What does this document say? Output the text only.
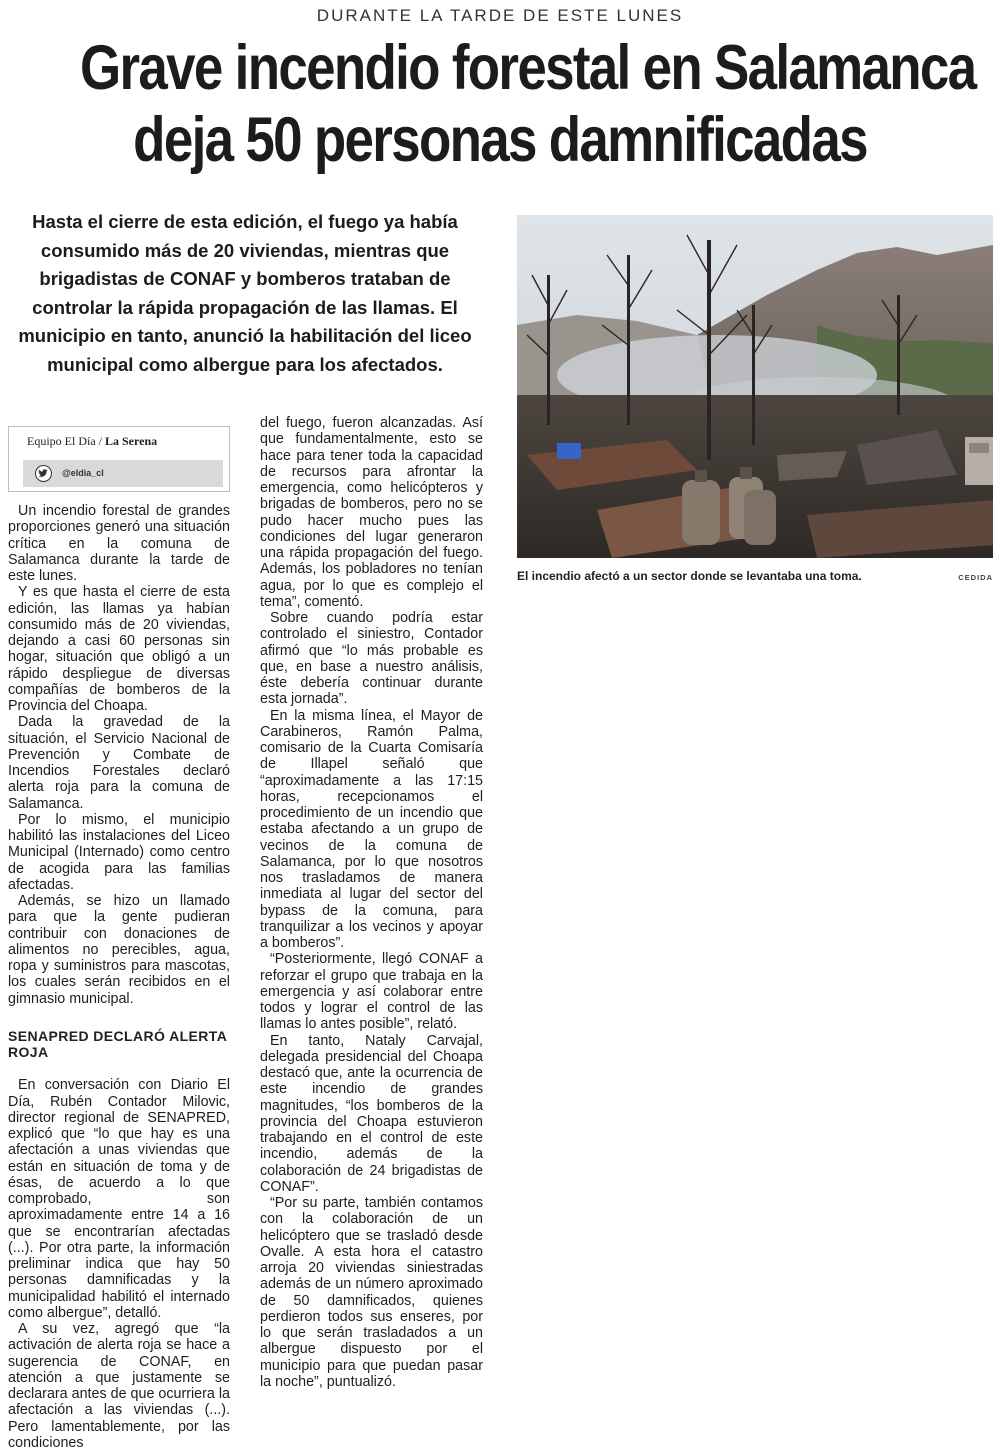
DURANTE LA TARDE DE ESTE LUNES
Grave incendio forestal en Salamanca
deja 50 personas damnificadas

Hasta el cierre de esta edición, el fuego ya había consumido más de 20 viviendas, mientras que brigadistas de CONAF y bomberos trataban de controlar la rápida propagación de las llamas. El municipio en tanto, anunció la habilitación del liceo municipal como albergue para los afectados.

El incendio afectó a un sector donde se levantaba una toma.	CEDIDA
Equipo El Día / La Serena
@eldia_cl

Un incendio forestal de grandes proporciones generó una situación crítica en la comuna de Salamanca durante la tarde de este lunes.

Y es que hasta el cierre de esta edición, las llamas ya habían consumido más de 20 viviendas, dejando a casi 60 personas sin hogar, situación que obligó a un rápido despliegue de diversas compañías de bomberos de la Provincia del Choapa.

Dada la gravedad de la situación, el Servicio Nacional de Prevención y Combate de Incendios Forestales declaró alerta roja para la comuna de Salamanca.

Por lo mismo, el municipio habilitó las instalaciones del Liceo Municipal (Internado) como centro de acogida para las familias afectadas.

Además, se hizo un llamado para que la gente pudieran contribuir con donaciones de alimentos no perecibles, agua, ropa y suministros para mascotas, los cuales serán recibidos en el gimnasio municipal.

SENAPRED DECLARÓ ALERTA ROJA

En conversación con Diario El Día, Rubén Contador Milovic, director regional de SENAPRED, explicó que “lo que hay es una afectación a unas viviendas que están en situación de toma y de ésas, de acuerdo a lo que comprobado, son aproximadamente entre 14 a 16 que se encontrarían afectadas (...). Por otra parte, la información preliminar indica que hay 50 personas damnificadas y la municipalidad habilitó el internado como albergue”, detalló.

A su vez, agregó que “la activación de alerta roja se hace a sugerencia de CONAF, en atención a que justamente se declarara antes de que ocurriera la afectación a las viviendas (...). Pero lamentablemente, por las condiciones

del fuego, fueron alcanzadas. Así que fundamentalmente, esto se hace para tener toda la capacidad de recursos para afrontar la emergencia, como helicópteros y brigadas de bomberos, pero no se pudo hacer mucho pues las condiciones del lugar generaron una rápida propagación del fuego. Además, los pobladores no tenían agua, por lo que es complejo el tema”, comentó.

Sobre cuando podría estar controlado el siniestro, Contador afirmó que “lo más probable es que, en base a nuestro análisis, éste debería continuar durante esta jornada”.

En la misma línea, el Mayor de Carabineros, Ramón Palma, comisario de la Cuarta Comisaría de Illapel señaló que “aproximadamente a las 17:15 horas, recepcionamos el procedimiento de un incendio que estaba afectando a un grupo de vecinos de la comuna de Salamanca, por lo que nosotros nos trasladamos de manera inmediata al lugar del sector del bypass de la comuna, para tranquilizar a los vecinos y apoyar a bomberos”.

“Posteriormente, llegó CONAF a reforzar el grupo que trabaja en la emergencia y así colaborar entre todos y lograr el control de las llamas lo antes posible”, relató.

En tanto, Nataly Carvajal, delegada presidencial del Choapa destacó que, ante la ocurrencia de este incendio de grandes magnitudes, “los bomberos de la provincia del Choapa estuvieron trabajando en el control de este incendio, además de la colaboración de 24 brigadistas de CONAF”.

“Por su parte, también contamos con la colaboración de un helicóptero que se trasladó desde Ovalle. A esta hora el catastro arroja 20 viviendas siniestradas además de un número aproximado de 50 damnificados, quienes perdieron todos sus enseres, por lo que serán trasladados a un albergue dispuesto por el municipio para que puedan pasar la noche”, puntualizó.
